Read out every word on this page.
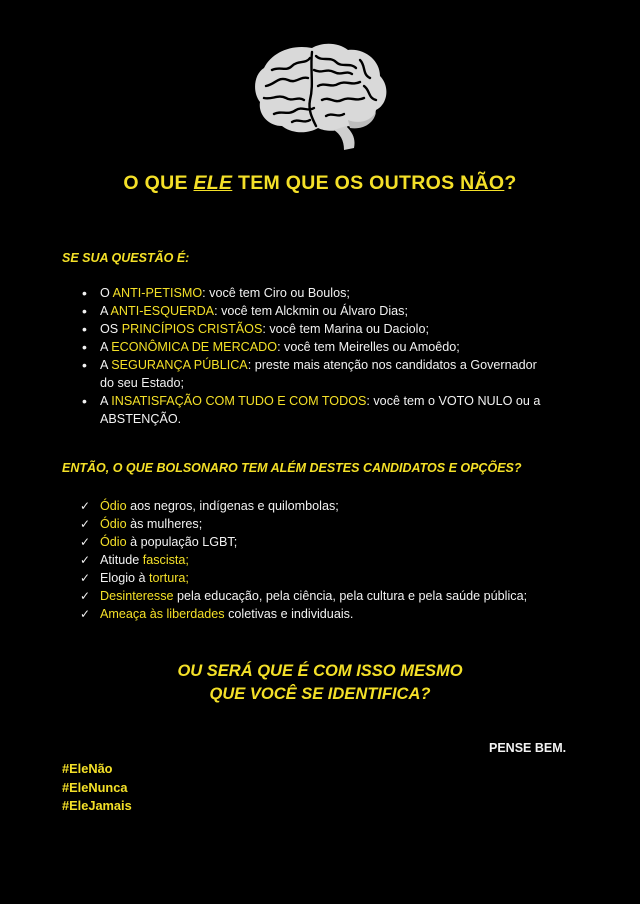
O QUE ELE TEM QUE OS OUTROS NÃO?
SE SUA QUESTÃO É:
• O ANTI-PETISMO: você tem Ciro ou Boulos;
• A ANTI-ESQUERDA: você tem Alckmin ou Álvaro Dias;
• OS PRINCÍPIOS CRISTÃOS: você tem Marina ou Daciolo;
• A ECONÔMICA DE MERCADO: você tem Meirelles ou Amoêdo;
• A SEGURANÇA PÚBLICA: preste mais atenção nos candidatos a Governador do seu Estado;
• A INSATISFAÇÃO COM TUDO E COM TODOS: você tem o VOTO NULO ou a ABSTENÇÃO.
ENTÃO, O QUE BOLSONARO TEM ALÉM DESTES CANDIDATOS E OPÇÕES?
✓ Ódio aos negros, indígenas e quilombolas;
✓ Ódio às mulheres;
✓ Ódio à população LGBT;
✓ Atitude fascista;
✓ Elogio à tortura;
✓ Desinteresse pela educação, pela ciência, pela cultura e pela saúde pública;
✓ Ameaça às liberdades coletivas e individuais.
OU SERÁ QUE É COM ISSO MESMO
QUE VOCÊ SE IDENTIFICA?
PENSE BEM.
#EleNão
#EleNunca
#EleJamais
